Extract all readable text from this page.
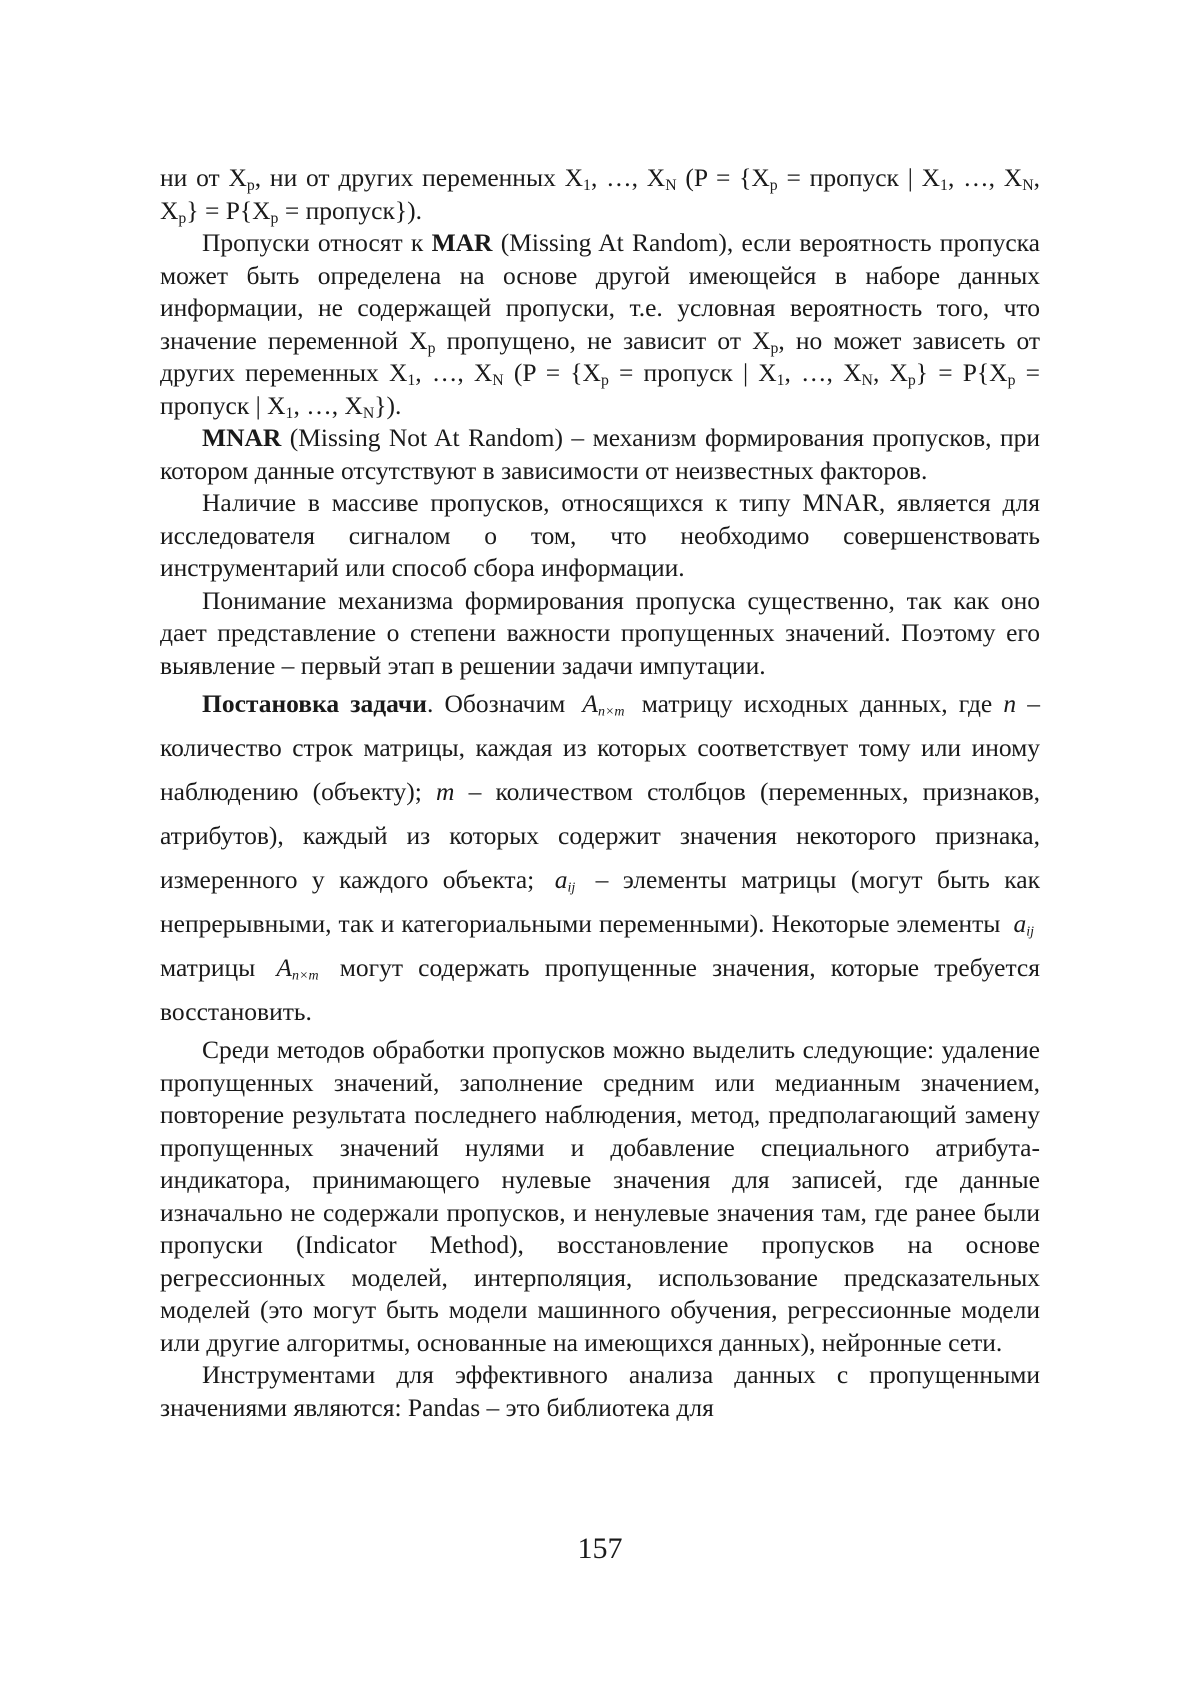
ни от $X_p$, ни от других переменных $X_1$, …, $X_N$ ($P = \{X_p$ = пропуск | $X_1$, …, $X_N$, $X_p\} = P\{X_p$ = пропуск}).

Пропуски относят к MAR (Missing At Random), если вероятность пропуска может быть определена на основе другой имеющейся в наборе данных информации, не содержащей пропуски, т.е. условная вероятность того, что значение переменной $X_p$ пропущено, не зависит от $X_p$, но может зависеть от других переменных $X_1$, …, $X_N$ ($P = \{X_p$ = пропуск | $X_1$, …, $X_N$, $X_p\} = P\{X_p$ = пропуск | $X_1$, …, $X_N$}).

MNAR (Missing Not At Random) – механизм формирования пропусков, при котором данные отсутствуют в зависимости от неизвестных факторов.

Наличие в массиве пропусков, относящихся к типу MNAR, является для исследователя сигналом о том, что необходимо совершенствовать инструментарий или способ сбора информации.

Понимание механизма формирования пропуска существенно, так как оно дает представление о степени важности пропущенных значений. Поэтому его выявление – первый этап в решении задачи импутации.

Постановка задачи. Обозначим $A_{n\times m}$ матрицу исходных данных, где n – количество строк матрицы, каждая из которых соответствует тому или иному наблюдению (объекту); m – количеством столбцов (переменных, признаков, атрибутов), каждый из которых содержит значения некоторого признака, измеренного у каждого объекта; $a_{ij}$ – элементы матрицы (могут быть как непрерывными, так и категориальными переменными). Некоторые элементы $a_{ij}$ матрицы $A_{n\times m}$ могут содержать пропущенные значения, которые требуется восстановить.

Среди методов обработки пропусков можно выделить следующие: удаление пропущенных значений, заполнение средним или медианным значением, повторение результата последнего наблюдения, метод, предполагающий замену пропущенных значений нулями и добавление специального атрибута-индикатора, принимающего нулевые значения для записей, где данные изначально не содержали пропусков, и ненулевые значения там, где ранее были пропуски (Indicator Method), восстановление пропусков на основе регрессионных моделей, интерполяция, использование предсказательных моделей (это могут быть модели машинного обучения, регрессионные модели или другие алгоритмы, основанные на имеющихся данных), нейронные сети.

Инструментами для эффективного анализа данных с пропущенными значениями являются: Pandas – это библиотека для

157
